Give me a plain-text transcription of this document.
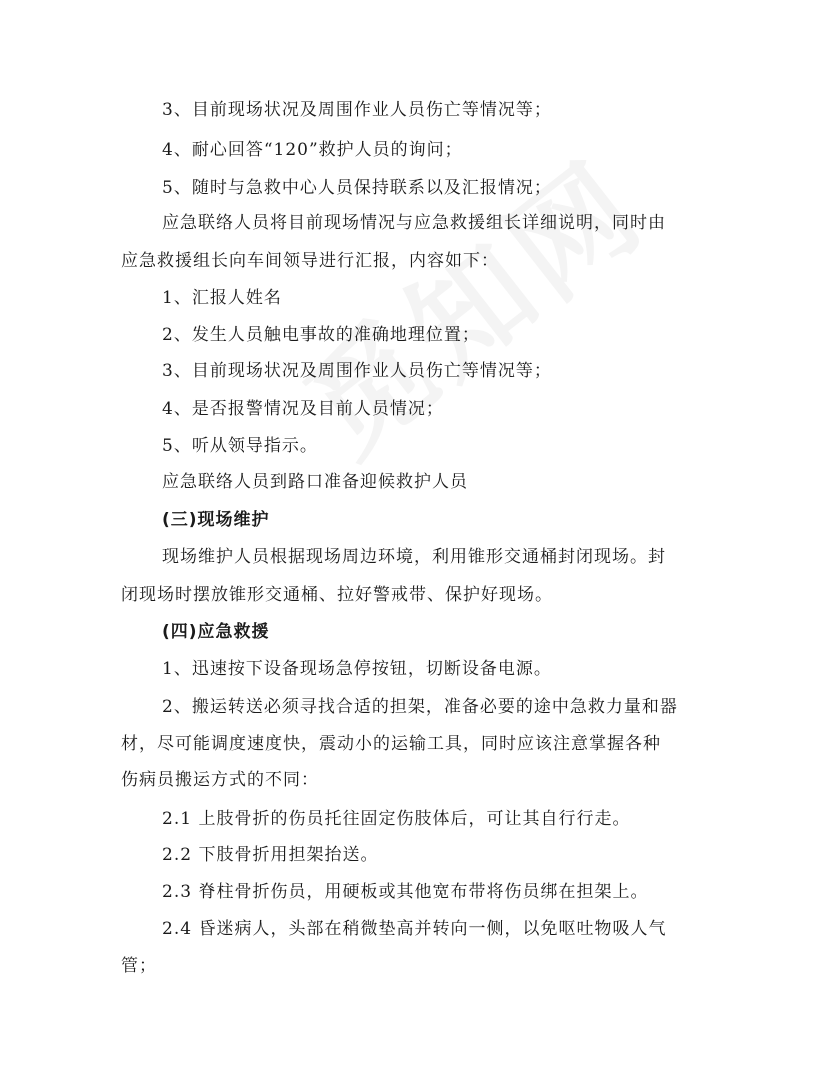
3、目前现场状况及周围作业人员伤亡等情况等；
4、耐心回答“120”救护人员的询问；
5、随时与急救中心人员保持联系以及汇报情况；
应急联络人员将目前现场情况与应急救援组长详细说明，同时由
应急救援组长向车间领导进行汇报，内容如下：
1、汇报人姓名
2、发生人员触电事故的准确地理位置；
3、目前现场状况及周围作业人员伤亡等情况等；
4、是否报警情况及目前人员情况；
5、听从领导指示。
应急联络人员到路口准备迎候救护人员
(三)现场维护
现场维护人员根据现场周边环境，利用锥形交通桶封闭现场。封
闭现场时摆放锥形交通桶、拉好警戒带、保护好现场。
(四)应急救援
1、迅速按下设备现场急停按钮，切断设备电源。
2、搬运转送必须寻找合适的担架，准备必要的途中急救力量和器
材，尽可能调度速度快，震动小的运输工具，同时应该注意掌握各种
伤病员搬运方式的不同：
2.1 上肢骨折的伤员托往固定伤肢体后，可让其自行行走。
2.2 下肢骨折用担架抬送。
2.3 脊柱骨折伤员，用硬板或其他宽布带将伤员绑在担架上。
2.4 昏迷病人，头部在稍微垫高并转向一侧，以免呕吐物吸人气
管；
